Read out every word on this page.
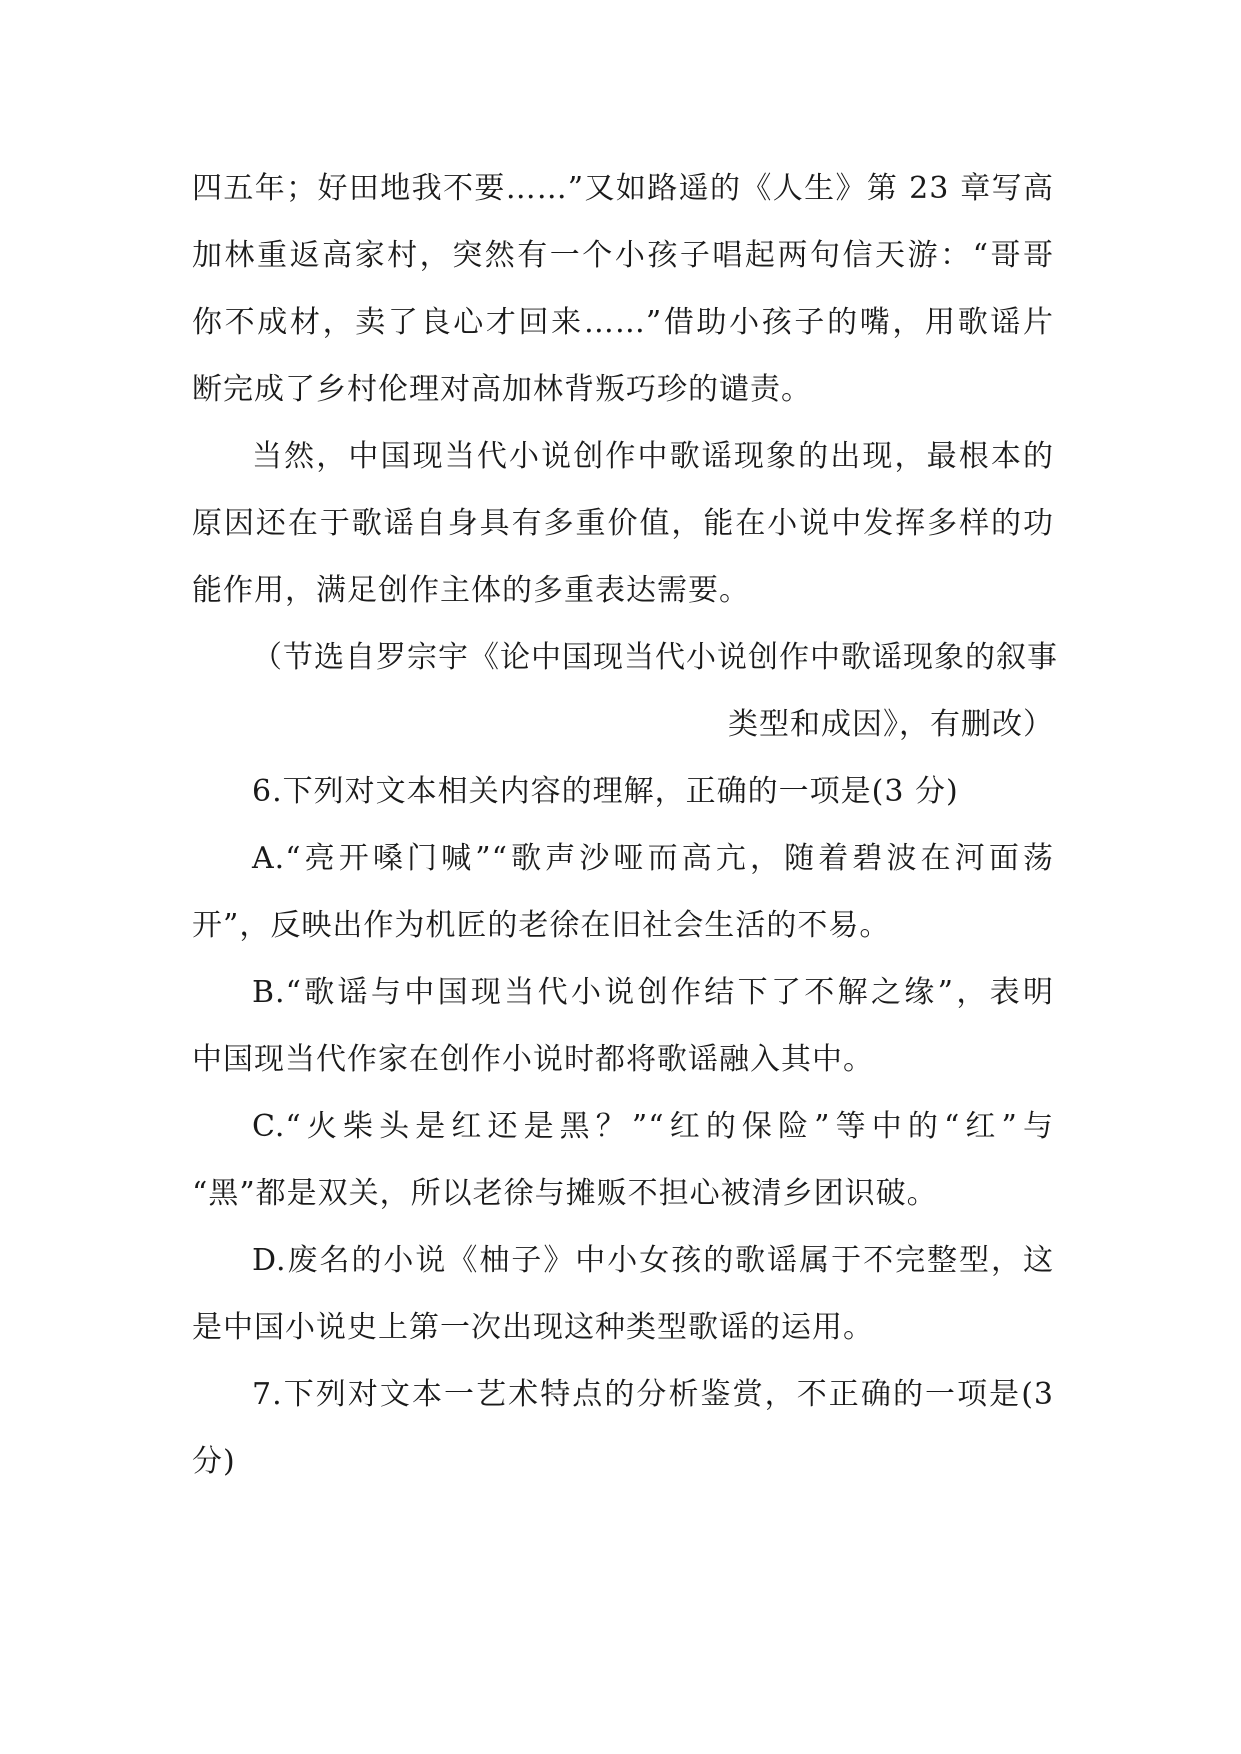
四五年；好田地我不要……”又如路遥的《人生》第 23 章写高
加林重返高家村，突然有一个小孩子唱起两句信天游：“哥哥
你不成材，卖了良心才回来……”借助小孩子的嘴，用歌谣片
断完成了乡村伦理对高加林背叛巧珍的谴责。
当然，中国现当代小说创作中歌谣现象的出现，最根本的
原因还在于歌谣自身具有多重价值，能在小说中发挥多样的功
能作用，满足创作主体的多重表达需要。
（节选自罗宗宇《论中国现当代小说创作中歌谣现象的叙事
类型和成因》，有删改）
6.下列对文本相关内容的理解，正确的一项是(3 分)
A.“亮开嗓门喊”“歌声沙哑而高亢，随着碧波在河面荡
开”，反映出作为机匠的老徐在旧社会生活的不易。
B.“歌谣与中国现当代小说创作结下了不解之缘”，表明
中国现当代作家在创作小说时都将歌谣融入其中。
C.“火柴头是红还是黑？”“红的保险”等中的“红”与
“黑”都是双关，所以老徐与摊贩不担心被清乡团识破。
D.废名的小说《柚子》中小女孩的歌谣属于不完整型，这
是中国小说史上第一次出现这种类型歌谣的运用。
7.下列对文本一艺术特点的分析鉴赏，不正确的一项是(3
分)
